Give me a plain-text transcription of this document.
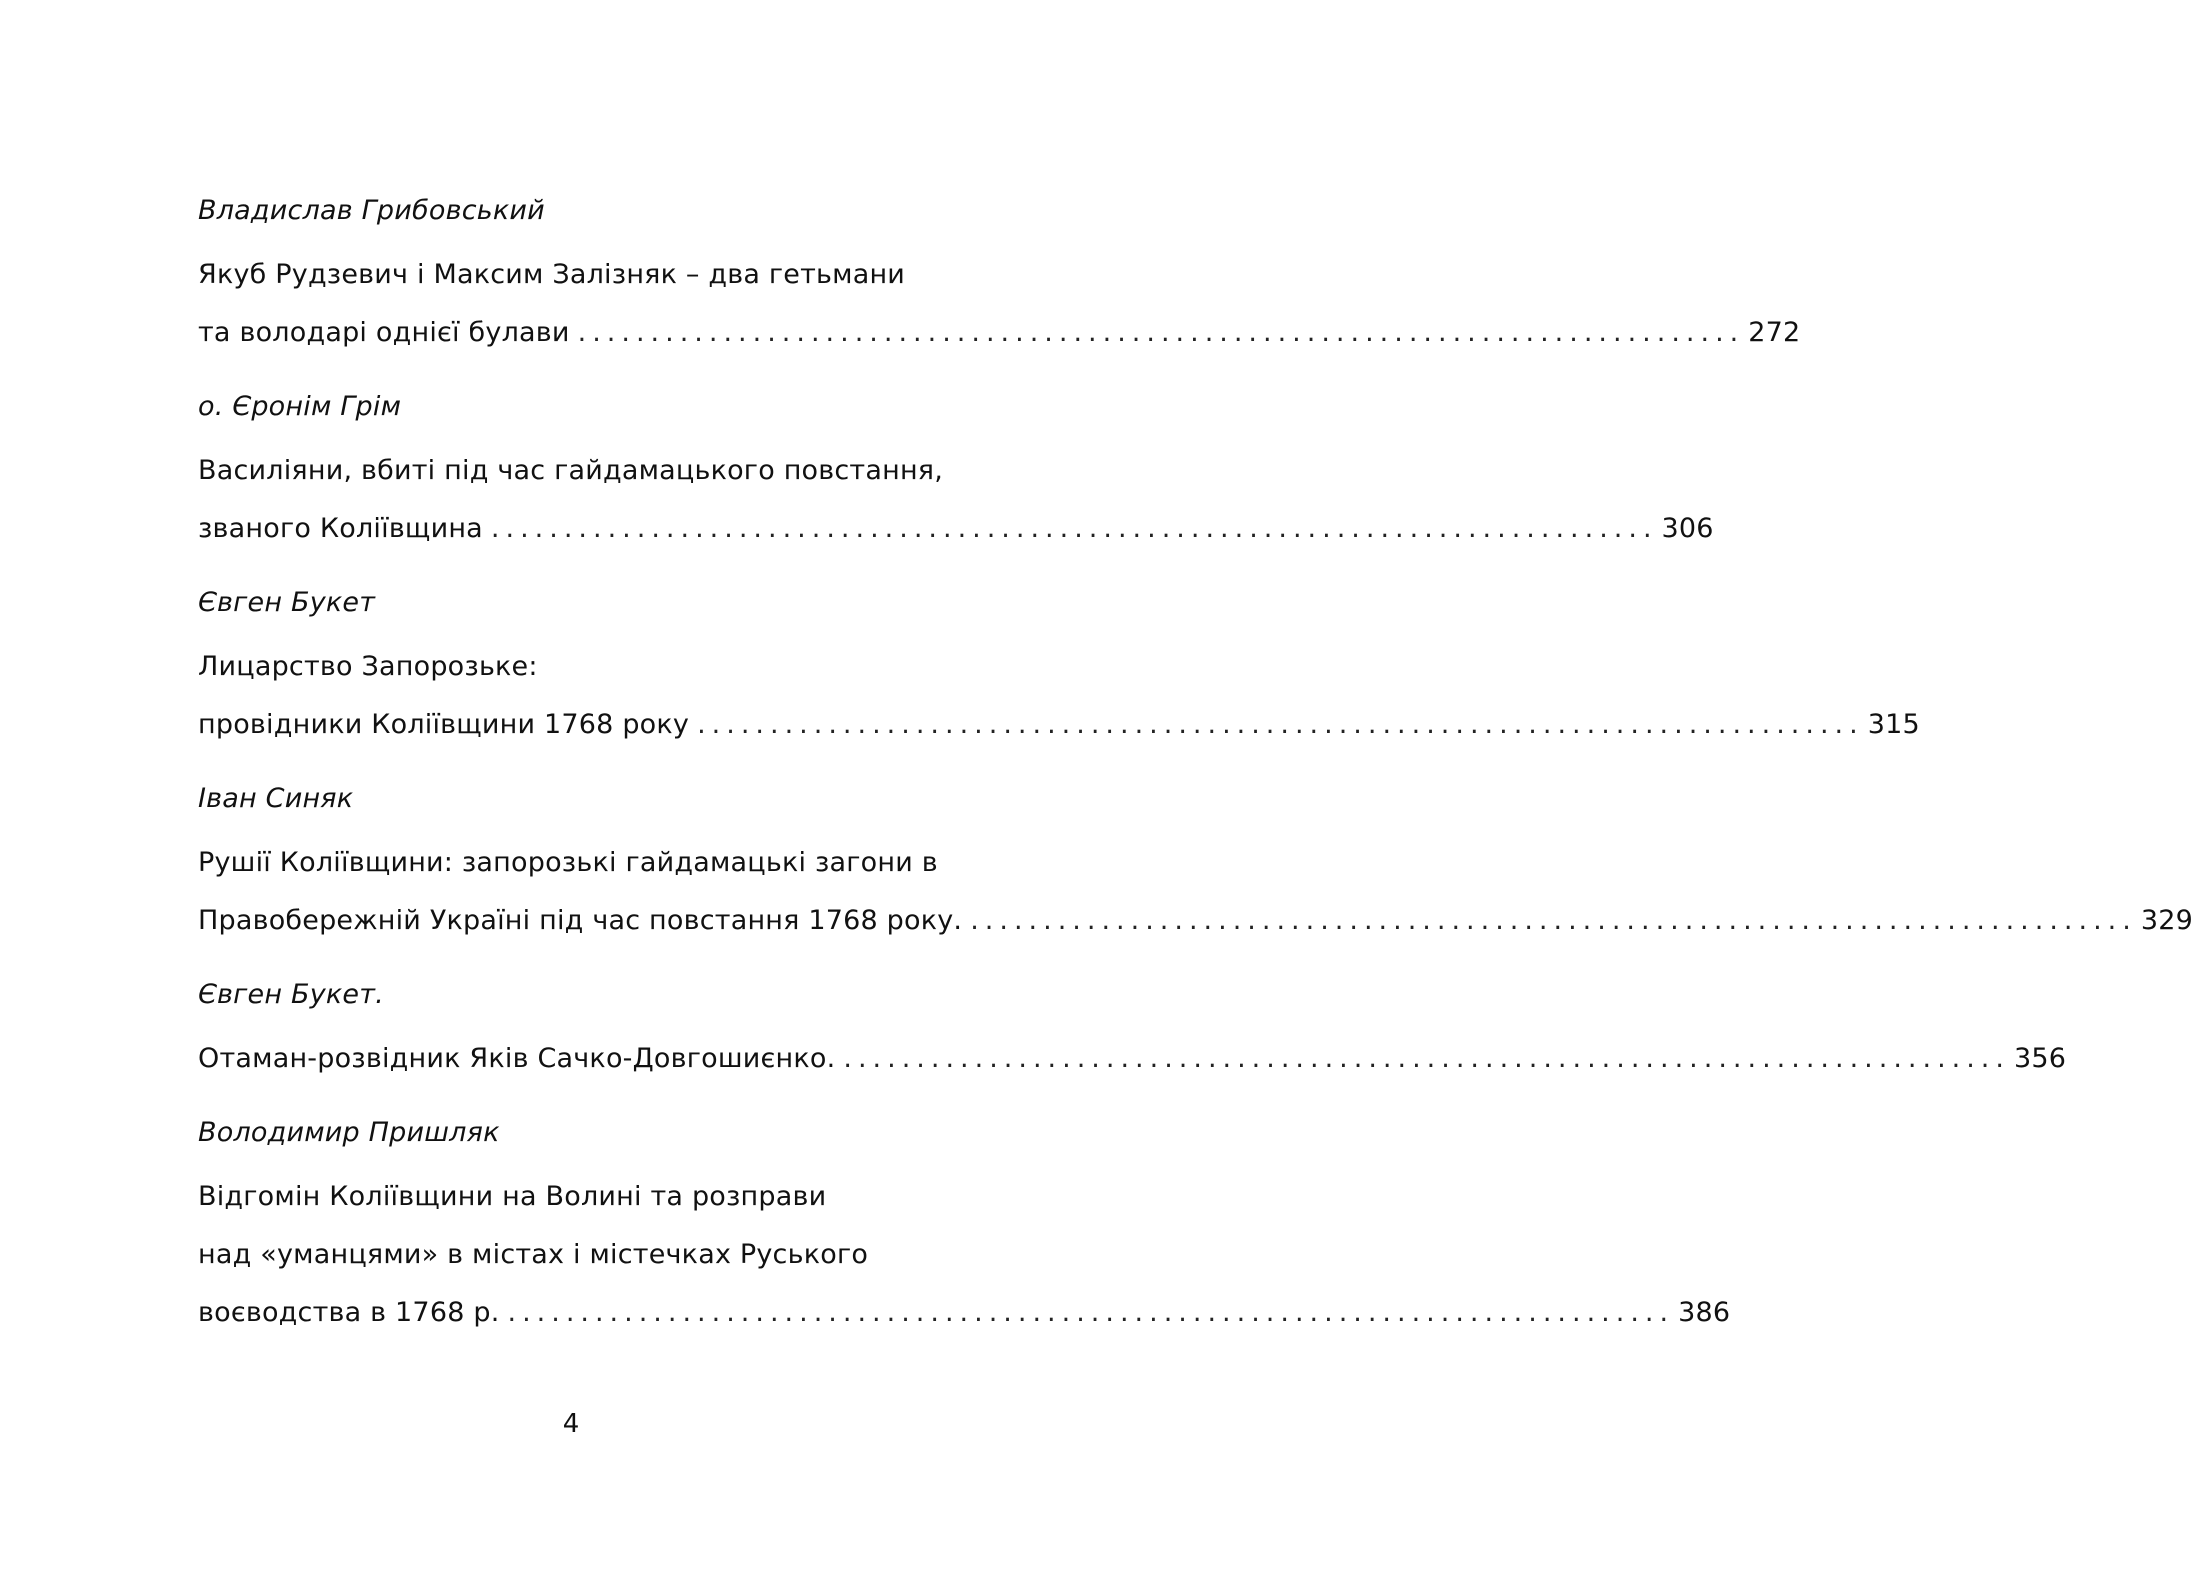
Владислав Грибовський
Якуб Рудзевич і Максим Залізняк – два гетьмани
та володарі однієї булави ................................................................................ 272
о. Єронім Грім
Василіяни, вбиті під час гайдамацького повстання,
званого Коліївщина ................................................................................ 306
Євген Букет
Лицарство Запорозьке:
провідники Коліївщини 1768 року ................................................................................ 315
Іван Синяк
Рушії Коліївщини: запорозькі гайдамацькі загони в
Правобережній Україні під час повстання 1768 року. ................................................................................ 329
Євген Букет.
Отаман-розвідник Яків Сачко-Довгошиєнко. ................................................................................ 356
Володимир Пришляк
Відгомін Коліївщини на Волині та розправи
над «уманцями» в містах і містечках Руського
воєводства в 1768 р. ................................................................................ 386
4
